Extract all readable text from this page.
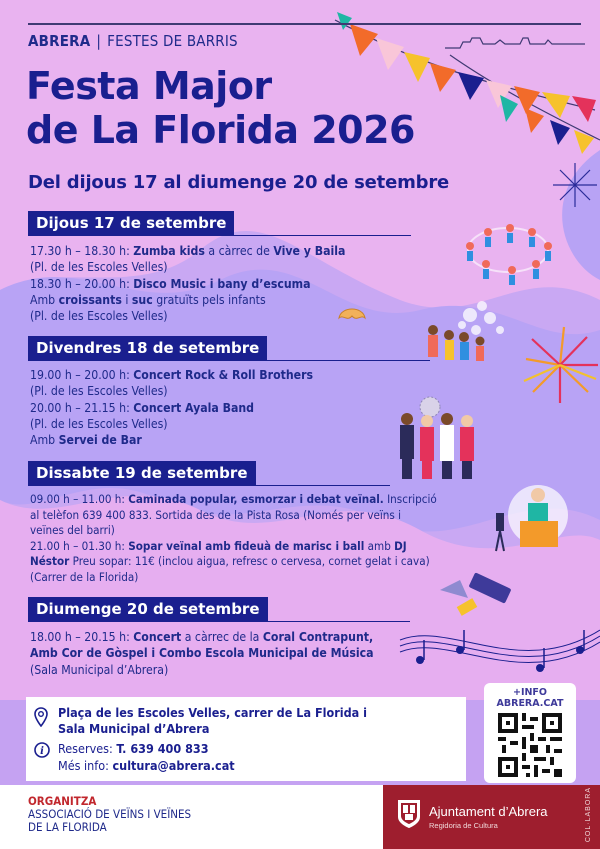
ABRERA | FESTES DE BARRIS
Festa Major
de La Florida 2026
Del dijous 17 al diumenge 20 de setembre
Dijous 17 de setembre
17.30 h – 18.30 h: Zumba kids a càrrec de Vive y Baila
(Pl. de les Escoles Velles)
18.30 h – 20.00 h: Disco Music i bany d’escuma
Amb croissants i suc gratuïts pels infants
(Pl. de les Escoles Velles)
Divendres 18 de setembre
19.00 h – 20.00 h: Concert Rock & Roll Brothers
(Pl. de les Escoles Velles)
20.00 h – 21.15 h: Concert Ayala Band
(Pl. de les Escoles Velles)
Amb Servei de Bar
Dissabte 19 de setembre
09.00 h – 11.00 h: Caminada popular, esmorzar i debat veïnal. Inscripció
al telèfon 639 400 833. Sortida des de la Pista Rosa (Només per veïns i
veïnes del barri)
21.00 h – 01.30 h: Sopar veïnal amb fideuà de marisc i ball amb DJ
Néstor Preu sopar: 11€ (inclou aigua, refresc o cervesa, cornet gelat i cava)
(Carrer de la Florida)
Diumenge 20 de setembre
18.00 h – 20.15 h: Concert a càrrec de la Coral Contrapunt,
Amb Cor de Gòspel i Combo Escola Municipal de Música
(Sala Municipal d’Abrera)
Plaça de les Escoles Velles, carrer de La Florida i
Sala Municipal d’Abrera
i Reserves: T. 639 400 833
Més info: cultura@abrera.cat
+INFO
ABRERA.CAT
ORGANITZA
ASSOCIACIÓ DE VEÏNS I VEÏNES
DE LA FLORIDA
Ajuntament d’Abrera
Regidoria de Cultura	COL·LABORA
